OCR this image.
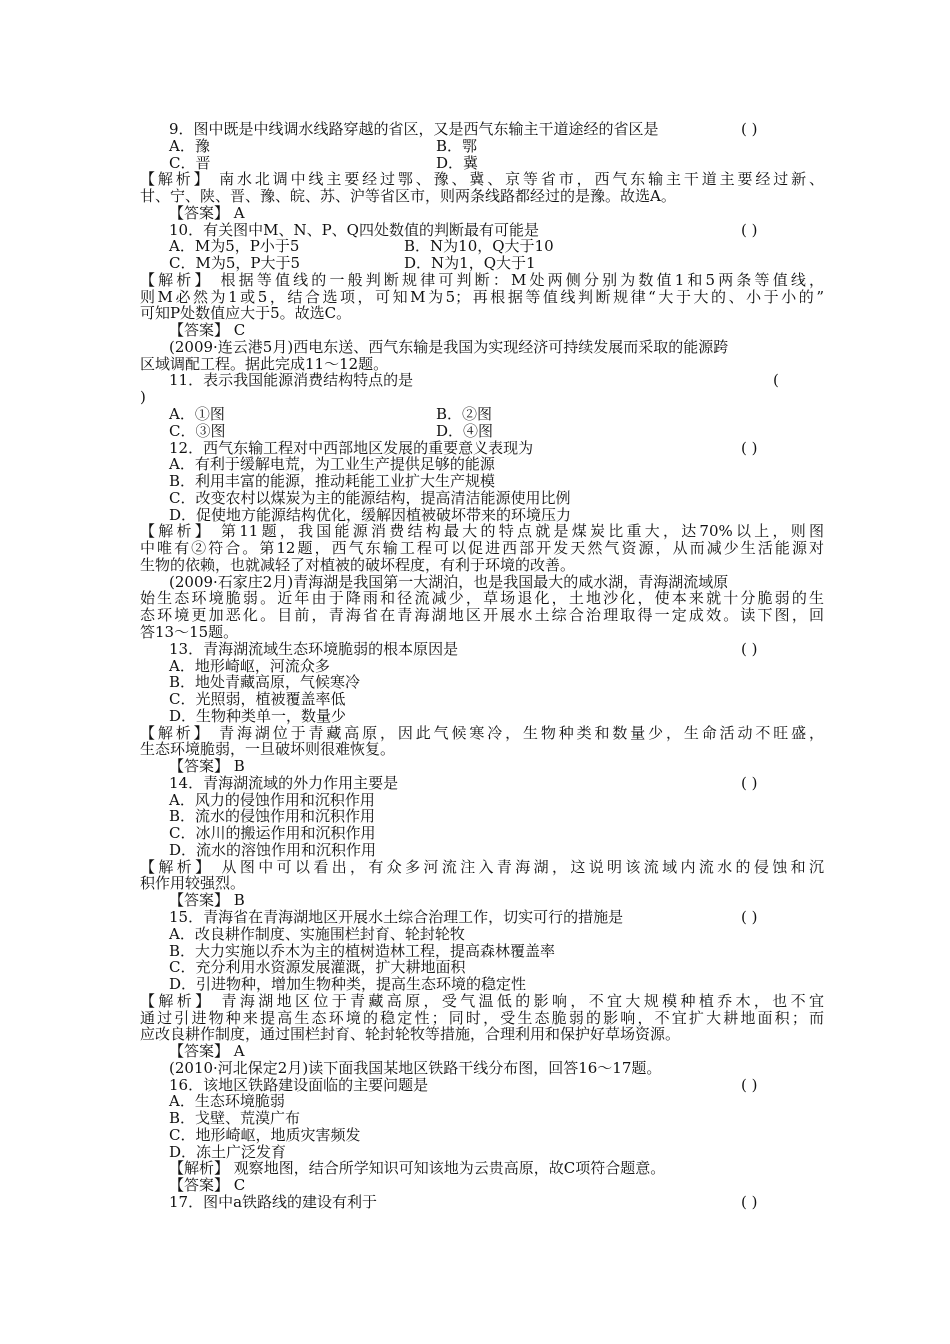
9．图中既是中线调水线路穿越的省区，又是西气东输主干道途经的省区是	( )
A．豫	B．鄂
C．晋	D．冀
【解析】 南水北调中线主要经过鄂、豫、冀、京等省市，西气东输主干道主要经过新、
甘、宁、陕、晋、豫、皖、苏、沪等省区市，则两条线路都经过的是豫。故选A。
【答案】 A
10．有关图中M、N、P、Q四处数值的判断最有可能是	( )
A．M为5，P小于5	B．N为10，Q大于10
C．M为5，P大于5	D．N为1，Q大于1
【解析】 根据等值线的一般判断规律可判断：M处两侧分别为数值1和5两条等值线，
则M必然为1或5，结合选项，可知M为5；再根据等值线判断规律“大于大的、小于小的”
可知P处数值应大于5。故选C。
【答案】 C
(2009·连云港5月)西电东送、西气东输是我国为实现经济可持续发展而采取的能源跨
区域调配工程。据此完成11～12题。
11．表示我国能源消费结构特点的是	(
)
A．①图	B．②图
C．③图	D．④图
12．西气东输工程对中西部地区发展的重要意义表现为	( )
A．有利于缓解电荒，为工业生产提供足够的能源
B．利用丰富的能源，推动耗能工业扩大生产规模
C．改变农村以煤炭为主的能源结构，提高清洁能源使用比例
D．促使地方能源结构优化，缓解因植被破坏带来的环境压力
【解析】 第11题，我国能源消费结构最大的特点就是煤炭比重大，达70%以上，则图
中唯有②符合。第12题，西气东输工程可以促进西部开发天然气资源，从而减少生活能源对
生物的依赖，也就减轻了对植被的破坏程度，有利于环境的改善。
(2009·石家庄2月)青海湖是我国第一大湖泊，也是我国最大的咸水湖，青海湖流域原
始生态环境脆弱。近年由于降雨和径流减少，草场退化，土地沙化，使本来就十分脆弱的生
态环境更加恶化。目前，青海省在青海湖地区开展水土综合治理取得一定成效。读下图，回
答13～15题。
13．青海湖流域生态环境脆弱的根本原因是	( )
A．地形崎岖，河流众多
B．地处青藏高原，气候寒冷
C．光照弱，植被覆盖率低
D．生物种类单一，数量少
【解析】 青海湖位于青藏高原，因此气候寒冷，生物种类和数量少，生命活动不旺盛，
生态环境脆弱，一旦破坏则很难恢复。
【答案】 B
14．青海湖流域的外力作用主要是	( )
A．风力的侵蚀作用和沉积作用
B．流水的侵蚀作用和沉积作用
C．冰川的搬运作用和沉积作用
D．流水的溶蚀作用和沉积作用
【解析】 从图中可以看出，有众多河流注入青海湖，这说明该流域内流水的侵蚀和沉
积作用较强烈。
【答案】 B
15．青海省在青海湖地区开展水土综合治理工作，切实可行的措施是	( )
A．改良耕作制度、实施围栏封育、轮封轮牧
B．大力实施以乔木为主的植树造林工程，提高森林覆盖率
C．充分利用水资源发展灌溉，扩大耕地面积
D．引进物种，增加生物种类，提高生态环境的稳定性
【解析】 青海湖地区位于青藏高原，受气温低的影响，不宜大规模种植乔木，也不宜
通过引进物种来提高生态环境的稳定性；同时，受生态脆弱的影响，不宜扩大耕地面积；而
应改良耕作制度，通过围栏封育、轮封轮牧等措施，合理利用和保护好草场资源。
【答案】 A
(2010·河北保定2月)读下面我国某地区铁路干线分布图，回答16～17题。
16．该地区铁路建设面临的主要问题是	( )
A．生态环境脆弱
B．戈壁、荒漠广布
C．地形崎岖，地质灾害频发
D．冻土广泛发育
【解析】 观察地图，结合所学知识可知该地为云贵高原，故C项符合题意。
【答案】 C
17．图中a铁路线的建设有利于	( )
